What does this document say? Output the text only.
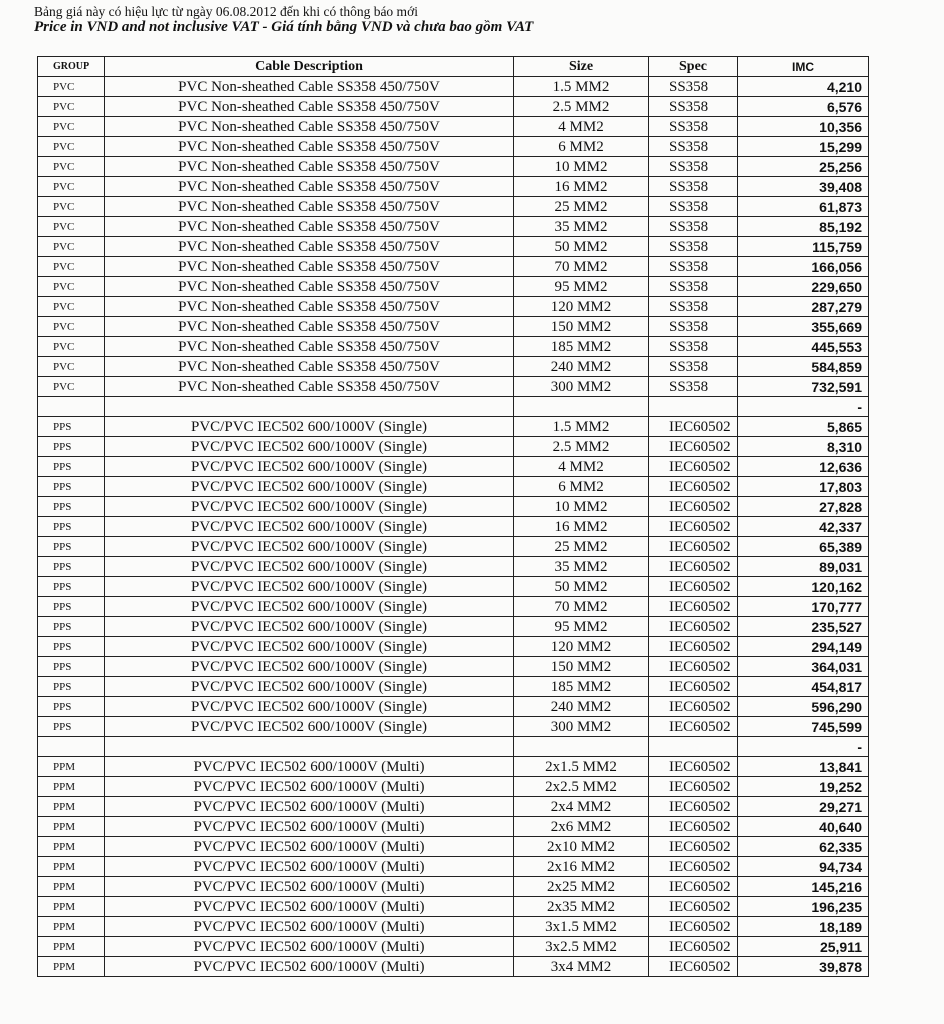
Bảng giá này có hiệu lực từ ngày 06.08.2012 đến khi có thông báo mới
Price in VND and not inclusive VAT - Giá tính bằng VND và chưa bao gồm VAT
GROUP	Cable Description	Size	Spec	IMC
PVC	PVC Non-sheathed Cable SS358 450/750V	1.5 MM2	SS358	4,210
PVC	PVC Non-sheathed Cable SS358 450/750V	2.5 MM2	SS358	6,576
PVC	PVC Non-sheathed Cable SS358 450/750V	4 MM2	SS358	10,356
PVC	PVC Non-sheathed Cable SS358 450/750V	6 MM2	SS358	15,299
PVC	PVC Non-sheathed Cable SS358 450/750V	10 MM2	SS358	25,256
PVC	PVC Non-sheathed Cable SS358 450/750V	16 MM2	SS358	39,408
PVC	PVC Non-sheathed Cable SS358 450/750V	25 MM2	SS358	61,873
PVC	PVC Non-sheathed Cable SS358 450/750V	35 MM2	SS358	85,192
PVC	PVC Non-sheathed Cable SS358 450/750V	50 MM2	SS358	115,759
PVC	PVC Non-sheathed Cable SS358 450/750V	70 MM2	SS358	166,056
PVC	PVC Non-sheathed Cable SS358 450/750V	95 MM2	SS358	229,650
PVC	PVC Non-sheathed Cable SS358 450/750V	120 MM2	SS358	287,279
PVC	PVC Non-sheathed Cable SS358 450/750V	150 MM2	SS358	355,669
PVC	PVC Non-sheathed Cable SS358 450/750V	185 MM2	SS358	445,553
PVC	PVC Non-sheathed Cable SS358 450/750V	240 MM2	SS358	584,859
PVC	PVC Non-sheathed Cable SS358 450/750V	300 MM2	SS358	732,591
				-
PPS	PVC/PVC IEC502 600/1000V (Single)	1.5 MM2	IEC60502	5,865
PPS	PVC/PVC IEC502 600/1000V (Single)	2.5 MM2	IEC60502	8,310
PPS	PVC/PVC IEC502 600/1000V (Single)	4 MM2	IEC60502	12,636
PPS	PVC/PVC IEC502 600/1000V (Single)	6 MM2	IEC60502	17,803
PPS	PVC/PVC IEC502 600/1000V (Single)	10 MM2	IEC60502	27,828
PPS	PVC/PVC IEC502 600/1000V (Single)	16 MM2	IEC60502	42,337
PPS	PVC/PVC IEC502 600/1000V (Single)	25 MM2	IEC60502	65,389
PPS	PVC/PVC IEC502 600/1000V (Single)	35 MM2	IEC60502	89,031
PPS	PVC/PVC IEC502 600/1000V (Single)	50 MM2	IEC60502	120,162
PPS	PVC/PVC IEC502 600/1000V (Single)	70 MM2	IEC60502	170,777
PPS	PVC/PVC IEC502 600/1000V (Single)	95 MM2	IEC60502	235,527
PPS	PVC/PVC IEC502 600/1000V (Single)	120 MM2	IEC60502	294,149
PPS	PVC/PVC IEC502 600/1000V (Single)	150 MM2	IEC60502	364,031
PPS	PVC/PVC IEC502 600/1000V (Single)	185 MM2	IEC60502	454,817
PPS	PVC/PVC IEC502 600/1000V (Single)	240 MM2	IEC60502	596,290
PPS	PVC/PVC IEC502 600/1000V (Single)	300 MM2	IEC60502	745,599
				-
PPM	PVC/PVC IEC502 600/1000V (Multi)	2x1.5 MM2	IEC60502	13,841
PPM	PVC/PVC IEC502 600/1000V (Multi)	2x2.5 MM2	IEC60502	19,252
PPM	PVC/PVC IEC502 600/1000V (Multi)	2x4 MM2	IEC60502	29,271
PPM	PVC/PVC IEC502 600/1000V (Multi)	2x6 MM2	IEC60502	40,640
PPM	PVC/PVC IEC502 600/1000V (Multi)	2x10 MM2	IEC60502	62,335
PPM	PVC/PVC IEC502 600/1000V (Multi)	2x16 MM2	IEC60502	94,734
PPM	PVC/PVC IEC502 600/1000V (Multi)	2x25 MM2	IEC60502	145,216
PPM	PVC/PVC IEC502 600/1000V (Multi)	2x35 MM2	IEC60502	196,235
PPM	PVC/PVC IEC502 600/1000V (Multi)	3x1.5 MM2	IEC60502	18,189
PPM	PVC/PVC IEC502 600/1000V (Multi)	3x2.5 MM2	IEC60502	25,911
PPM	PVC/PVC IEC502 600/1000V (Multi)	3x4 MM2	IEC60502	39,878
